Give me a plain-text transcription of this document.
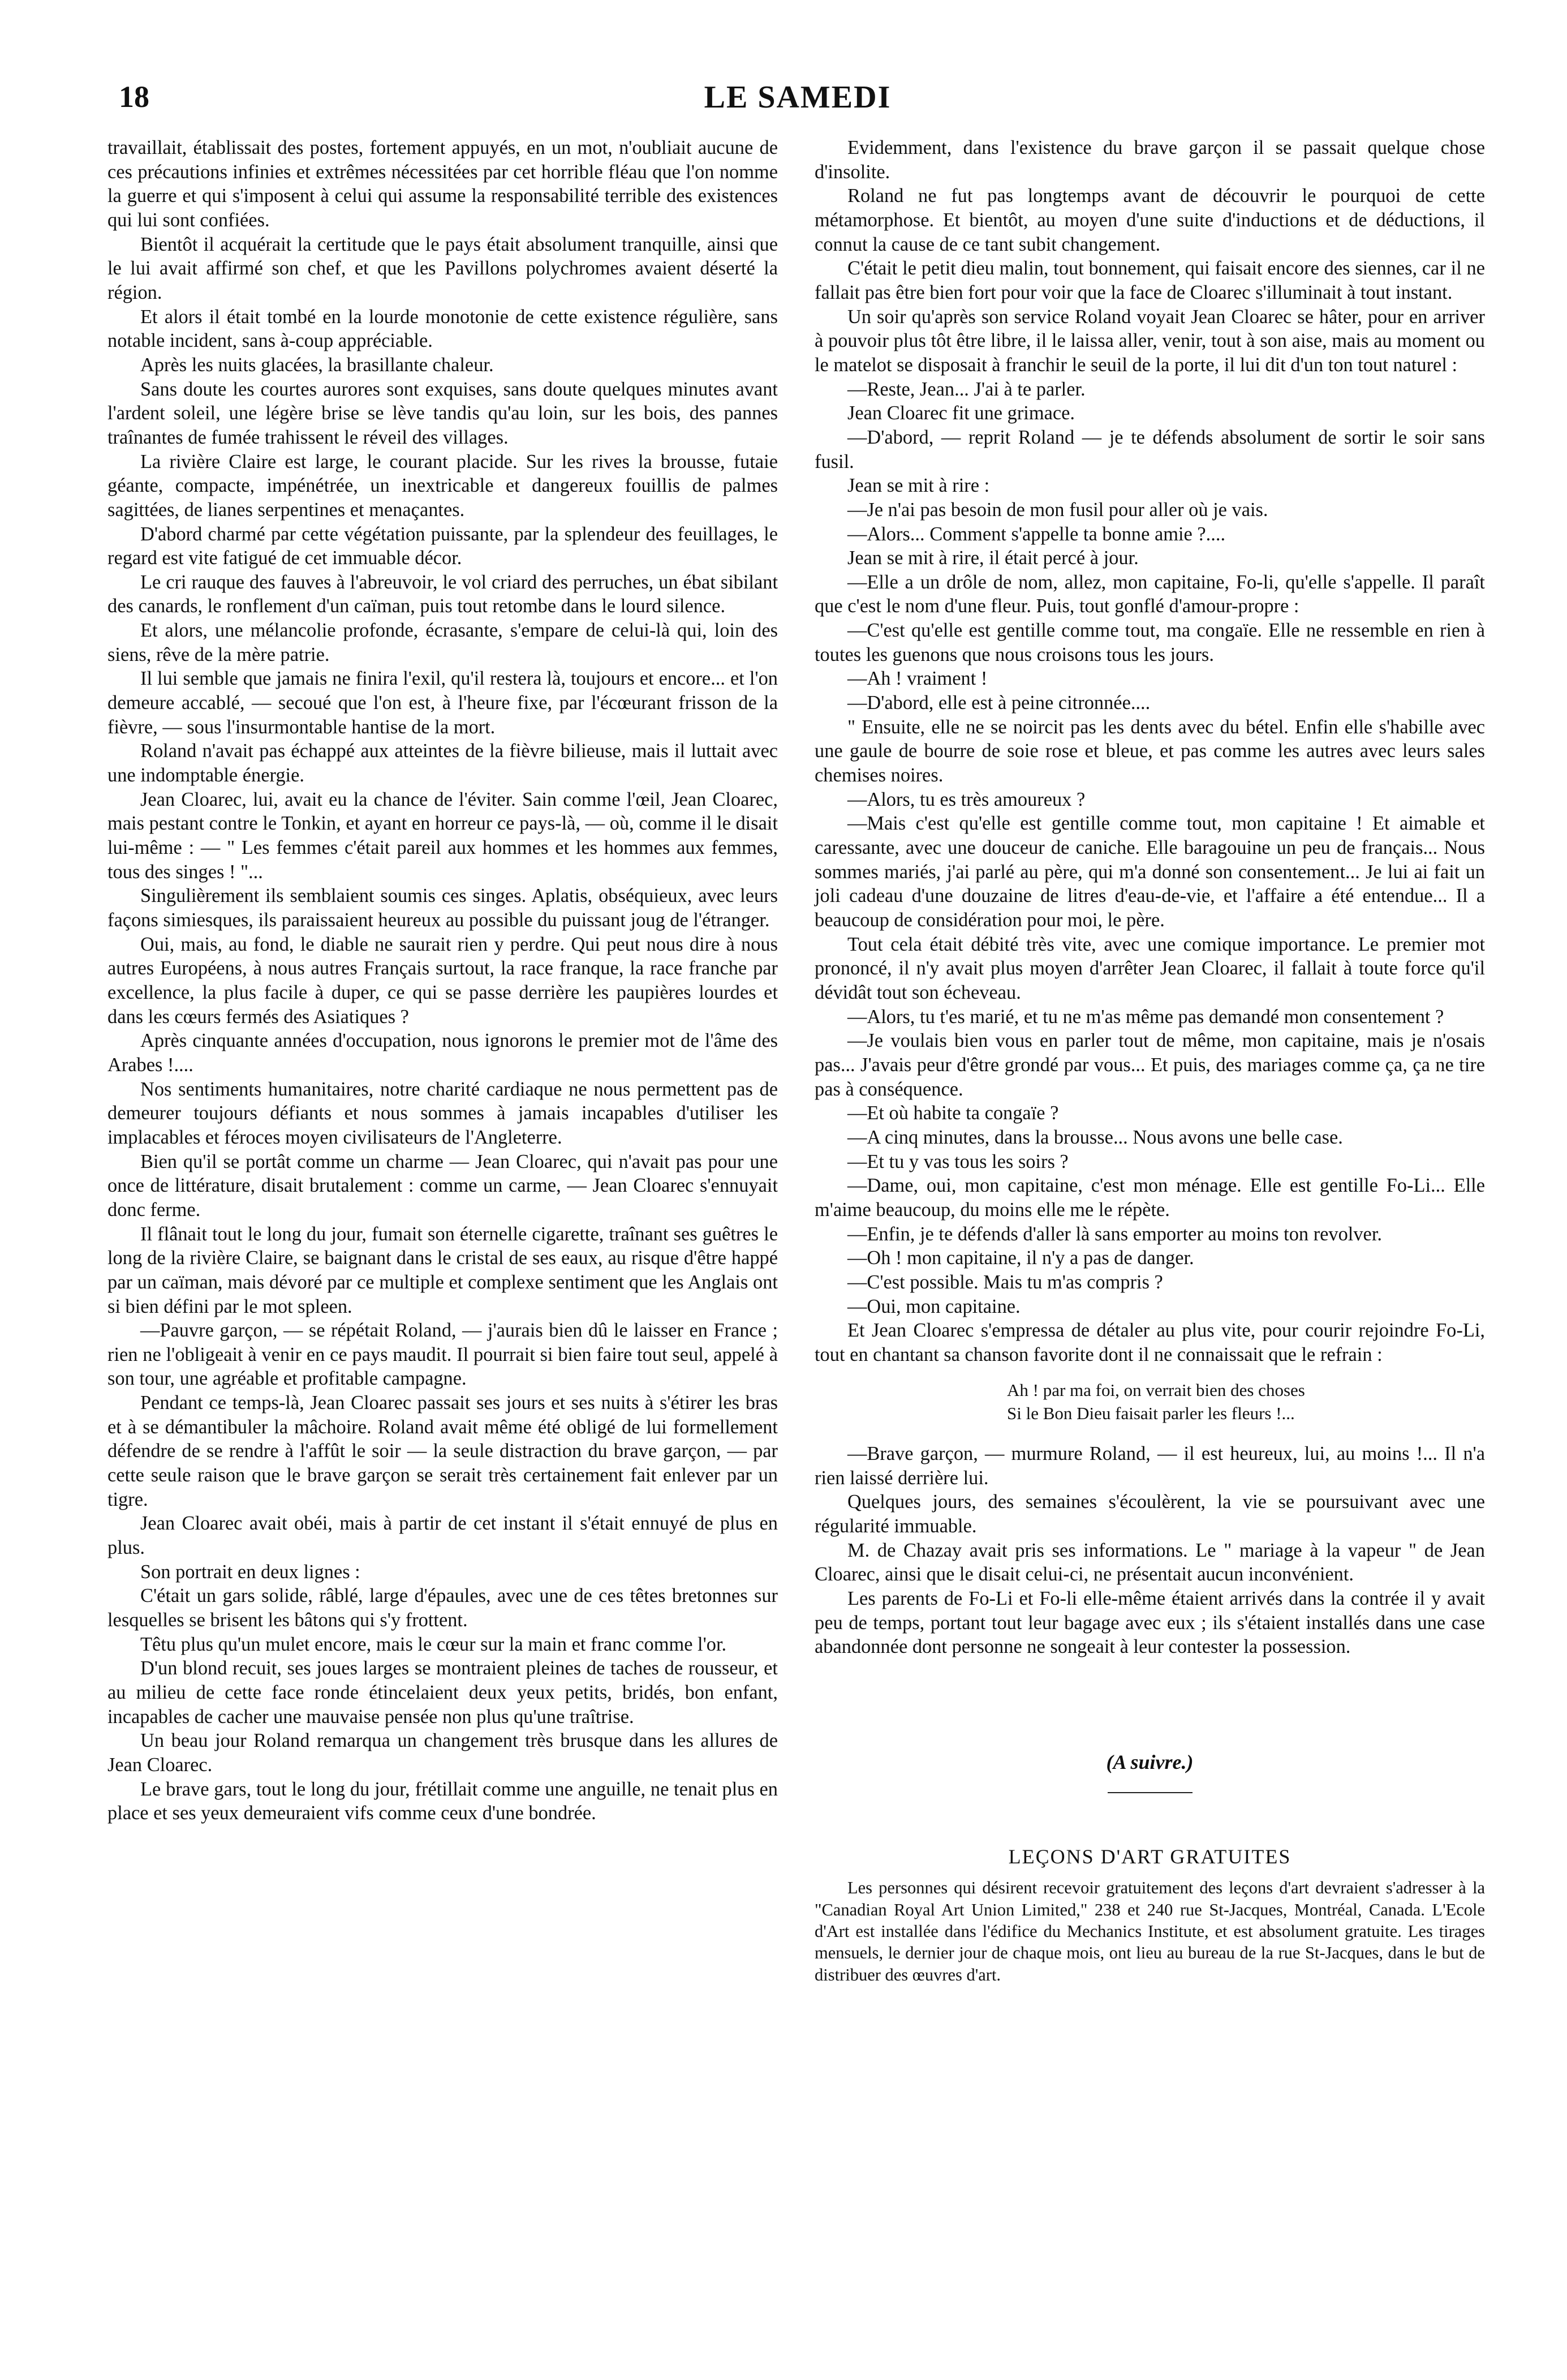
18	LE SAMEDI

travaillait, établissait des postes, fortement appuyés, en un mot, n'oubliait aucune de ces précautions infinies et extrêmes nécessitées par cet horrible fléau que l'on nomme la guerre et qui s'imposent à celui qui assume la responsabilité terrible des existences qui lui sont confiées.

Bientôt il acquérait la certitude que le pays était absolument tranquille, ainsi que le lui avait affirmé son chef, et que les Pavillons polychromes avaient déserté la région.

Et alors il était tombé en la lourde monotonie de cette existence régulière, sans notable incident, sans à-coup appréciable.

Après les nuits glacées, la brasillante chaleur.

Sans doute les courtes aurores sont exquises, sans doute quelques minutes avant l'ardent soleil, une légère brise se lève tandis qu'au loin, sur les bois, des pannes traînantes de fumée trahissent le réveil des villages.

La rivière Claire est large, le courant placide. Sur les rives la brousse, futaie géante, compacte, impénétrée, un inextricable et dangereux fouillis de palmes sagittées, de lianes serpentines et menaçantes.

D'abord charmé par cette végétation puissante, par la splendeur des feuillages, le regard est vite fatigué de cet immuable décor.

Le cri rauque des fauves à l'abreuvoir, le vol criard des perruches, un ébat sibilant des canards, le ronflement d'un caïman, puis tout retombe dans le lourd silence.

Et alors, une mélancolie profonde, écrasante, s'empare de celui-là qui, loin des siens, rêve de la mère patrie.

Il lui semble que jamais ne finira l'exil, qu'il restera là, toujours et encore... et l'on demeure accablé, — secoué que l'on est, à l'heure fixe, par l'écœurant frisson de la fièvre, — sous l'insurmontable hantise de la mort.

Roland n'avait pas échappé aux atteintes de la fièvre bilieuse, mais il luttait avec une indomptable énergie.

Jean Cloarec, lui, avait eu la chance de l'éviter. Sain comme l'œil, Jean Cloarec, mais pestant contre le Tonkin, et ayant en horreur ce pays-là, — où, comme il le disait lui-même : — " Les femmes c'était pareil aux hommes et les hommes aux femmes, tous des singes ! "...

Singulièrement ils semblaient soumis ces singes. Aplatis, obséquieux, avec leurs façons simiesques, ils paraissaient heureux au possible du puissant joug de l'étranger.

Oui, mais, au fond, le diable ne saurait rien y perdre. Qui peut nous dire à nous autres Européens, à nous autres Français surtout, la race franque, la race franche par excellence, la plus facile à duper, ce qui se passe derrière les paupières lourdes et dans les cœurs fermés des Asiatiques ?

Après cinquante années d'occupation, nous ignorons le premier mot de l'âme des Arabes !....

Nos sentiments humanitaires, notre charité cardiaque ne nous permettent pas de demeurer toujours défiants et nous sommes à jamais incapables d'utiliser les implacables et féroces moyen civilisateurs de l'Angleterre.

Bien qu'il se portât comme un charme — Jean Cloarec, qui n'avait pas pour une once de littérature, disait brutalement : comme un carme, — Jean Cloarec s'ennuyait donc ferme.

Il flânait tout le long du jour, fumait son éternelle cigarette, traînant ses guêtres le long de la rivière Claire, se baignant dans le cristal de ses eaux, au risque d'être happé par un caïman, mais dévoré par ce multiple et complexe sentiment que les Anglais ont si bien défini par le mot spleen.

—Pauvre garçon, — se répétait Roland, — j'aurais bien dû le laisser en France ; rien ne l'obligeait à venir en ce pays maudit. Il pourrait si bien faire tout seul, appelé à son tour, une agréable et profitable campagne.

Pendant ce temps-là, Jean Cloarec passait ses jours et ses nuits à s'étirer les bras et à se démantibuler la mâchoire. Roland avait même été obligé de lui formellement défendre de se rendre à l'affût le soir — la seule distraction du brave garçon, — par cette seule raison que le brave garçon se serait très certainement fait enlever par un tigre.

Jean Cloarec avait obéi, mais à partir de cet instant il s'était ennuyé de plus en plus.

Son portrait en deux lignes :

C'était un gars solide, râblé, large d'épaules, avec une de ces têtes bretonnes sur lesquelles se brisent les bâtons qui s'y frottent.

Têtu plus qu'un mulet encore, mais le cœur sur la main et franc comme l'or.

D'un blond recuit, ses joues larges se montraient pleines de taches de rousseur, et au milieu de cette face ronde étincelaient deux yeux petits, bridés, bon enfant, incapables de cacher une mauvaise pensée non plus qu'une traîtrise.

Un beau jour Roland remarqua un changement très brusque dans les allures de Jean Cloarec.

Le brave gars, tout le long du jour, frétillait comme une anguille, ne tenait plus en place et ses yeux demeuraient vifs comme ceux d'une bondrée.

Evidemment, dans l'existence du brave garçon il se passait quelque chose d'insolite.

Roland ne fut pas longtemps avant de découvrir le pourquoi de cette métamorphose. Et bientôt, au moyen d'une suite d'inductions et de déductions, il connut la cause de ce tant subit changement.

C'était le petit dieu malin, tout bonnement, qui faisait encore des siennes, car il ne fallait pas être bien fort pour voir que la face de Cloarec s'illuminait à tout instant.

Un soir qu'après son service Roland voyait Jean Cloarec se hâter, pour en arriver à pouvoir plus tôt être libre, il le laissa aller, venir, tout à son aise, mais au moment ou le matelot se disposait à franchir le seuil de la porte, il lui dit d'un ton tout naturel :

—Reste, Jean... J'ai à te parler.

Jean Cloarec fit une grimace.

—D'abord, — reprit Roland — je te défends absolument de sortir le soir sans fusil.

Jean se mit à rire :

—Je n'ai pas besoin de mon fusil pour aller où je vais.

—Alors... Comment s'appelle ta bonne amie ?....

Jean se mit à rire, il était percé à jour.

—Elle a un drôle de nom, allez, mon capitaine, Fo-li, qu'elle s'appelle. Il paraît que c'est le nom d'une fleur. Puis, tout gonflé d'amour-propre :

—C'est qu'elle est gentille comme tout, ma congaïe. Elle ne ressemble en rien à toutes les guenons que nous croisons tous les jours.

—Ah ! vraiment !

—D'abord, elle est à peine citronnée....

" Ensuite, elle ne se noircit pas les dents avec du bétel. Enfin elle s'habille avec une gaule de bourre de soie rose et bleue, et pas comme les autres avec leurs sales chemises noires.

—Alors, tu es très amoureux ?

—Mais c'est qu'elle est gentille comme tout, mon capitaine ! Et aimable et caressante, avec une douceur de caniche. Elle baragouine un peu de français... Nous sommes mariés, j'ai parlé au père, qui m'a donné son consentement... Je lui ai fait un joli cadeau d'une douzaine de litres d'eau-de-vie, et l'affaire a été entendue... Il a beaucoup de considération pour moi, le père.

Tout cela était débité très vite, avec une comique importance. Le premier mot prononcé, il n'y avait plus moyen d'arrêter Jean Cloarec, il fallait à toute force qu'il dévidât tout son écheveau.

—Alors, tu t'es marié, et tu ne m'as même pas demandé mon consentement ?

—Je voulais bien vous en parler tout de même, mon capitaine, mais je n'osais pas... J'avais peur d'être grondé par vous... Et puis, des mariages comme ça, ça ne tire pas à conséquence.

—Et où habite ta congaïe ?

—A cinq minutes, dans la brousse... Nous avons une belle case.

—Et tu y vas tous les soirs ?

—Dame, oui, mon capitaine, c'est mon ménage. Elle est gentille Fo-Li... Elle m'aime beaucoup, du moins elle me le répète.

—Enfin, je te défends d'aller là sans emporter au moins ton revolver.

—Oh ! mon capitaine, il n'y a pas de danger.

—C'est possible. Mais tu m'as compris ?

—Oui, mon capitaine.

Et Jean Cloarec s'empressa de détaler au plus vite, pour courir rejoindre Fo-Li, tout en chantant sa chanson favorite dont il ne connaissait que le refrain :

Ah ! par ma foi, on verrait bien des choses
Si le Bon Dieu faisait parler les fleurs !...

—Brave garçon, — murmure Roland, — il est heureux, lui, au moins !... Il n'a rien laissé derrière lui.

Quelques jours, des semaines s'écoulèrent, la vie se poursuivant avec une régularité immuable.

M. de Chazay avait pris ses informations. Le " mariage à la vapeur " de Jean Cloarec, ainsi que le disait celui-ci, ne présentait aucun inconvénient.

Les parents de Fo-Li et Fo-li elle-même étaient arrivés dans la contrée il y avait peu de temps, portant tout leur bagage avec eux ; ils s'étaient installés dans une case abandonnée dont personne ne songeait à leur contester la possession.

(A suivre.)
LEÇONS D'ART GRATUITES

Les personnes qui désirent recevoir gratuitement des leçons d'art devraient s'adresser à la "Canadian Royal Art Union Limited," 238 et 240 rue St-Jacques, Montréal, Canada. L'Ecole d'Art est installée dans l'édifice du Mechanics Institute, et est absolument gratuite. Les tirages mensuels, le dernier jour de chaque mois, ont lieu au bureau de la rue St-Jacques, dans le but de distribuer des œuvres d'art.
